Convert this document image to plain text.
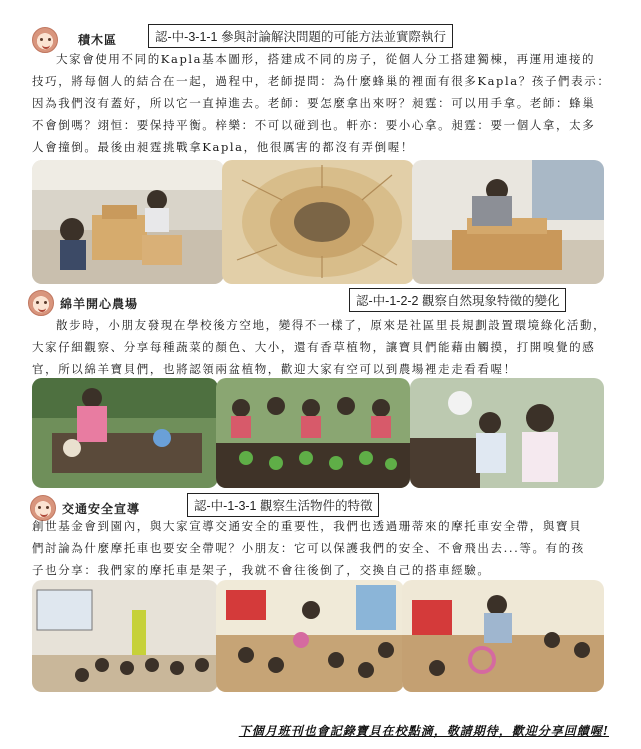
積木區	認-中-3-1-1 參與討論解決問題的可能方法並實際執行
大家會使用不同的Kapla基本圖形，搭建成不同的房子，從個人分工搭建獨棟，再運用連接的
技巧，將每個人的結合在一起，過程中，老師提問：為什麼蜂巢的裡面有很多Kapla？孩子們表示：
因為我們沒有蓋好，所以它一直掉進去。老師：要怎麼拿出來呀？昶霆：可以用手拿。老師：蜂巢
不會倒嗎？翊恒：要保持平衡。梓樂：不可以碰到也。軒亦：要小心拿。昶霆：要一個人拿，太多
人會撞倒。最後由昶霆挑戰拿Kapla，他很厲害的都沒有弄倒喔！
綿羊開心農場	認-中-1-2-2 觀察自然現象特徵的變化
散步時，小朋友發現在學校後方空地，變得不一樣了，原來是社區里長規劃設置環境綠化活動，
大家仔細觀察、分享每種蔬菜的顏色、大小，還有香草植物，讓寶貝們能藉由觸摸，打開嗅覺的感
官，所以綿羊寶貝們，也將認領兩盆植物，歡迎大家有空可以到農場裡走走看看喔！
交通安全宣導	認-中-1-3-1 觀察生活物件的特徵
創世基金會到園內，與大家宣導交通安全的重要性，我們也透過珊蒂來的摩托車安全帶，與寶貝
們討論為什麼摩托車也要安全帶呢？小朋友：它可以保護我們的安全、不會飛出去...等。有的孩
子也分享：我們家的摩托車是架子，我就不會往後倒了，交換自己的搭車經驗。
下個月班刊也會記錄寶貝在校點滴，敬請期待，歡迎分享回饋喔!
